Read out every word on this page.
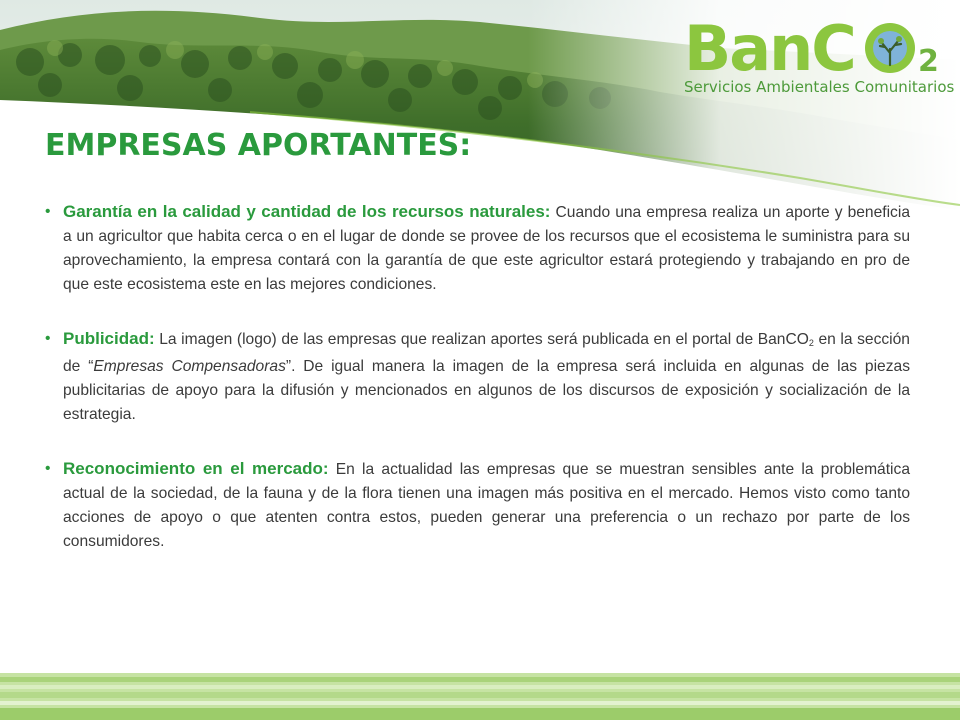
BanC 2
Servicios Ambientales Comunitarios
EMPRESAS APORTANTES:
• Garantía en la calidad y cantidad de los recursos naturales: Cuando una empresa realiza un aporte y beneficia a un agricultor que habita cerca o en el lugar de donde se provee de los recursos que el ecosistema le suministra para su aprovechamiento, la empresa contará con la garantía de que este agricultor estará protegiendo y trabajando en pro de que este ecosistema este en las mejores condiciones.
• Publicidad: La imagen (logo) de las empresas que realizan aportes será publicada en el portal de BanCO$_2$ en la sección de “Empresas Compensadoras”. De igual manera la imagen de la empresa será incluida en algunas de las piezas publicitarias de apoyo para la difusión y mencionados en algunos de los discursos de exposición y socialización de la estrategia.
• Reconocimiento en el mercado: En la actualidad las empresas que se muestran sensibles ante la problemática actual de la sociedad, de la fauna y de la flora tienen una imagen más positiva en el mercado. Hemos visto como tanto acciones de apoyo o que atenten contra estos, pueden generar una preferencia o un rechazo por parte de los consumidores.
